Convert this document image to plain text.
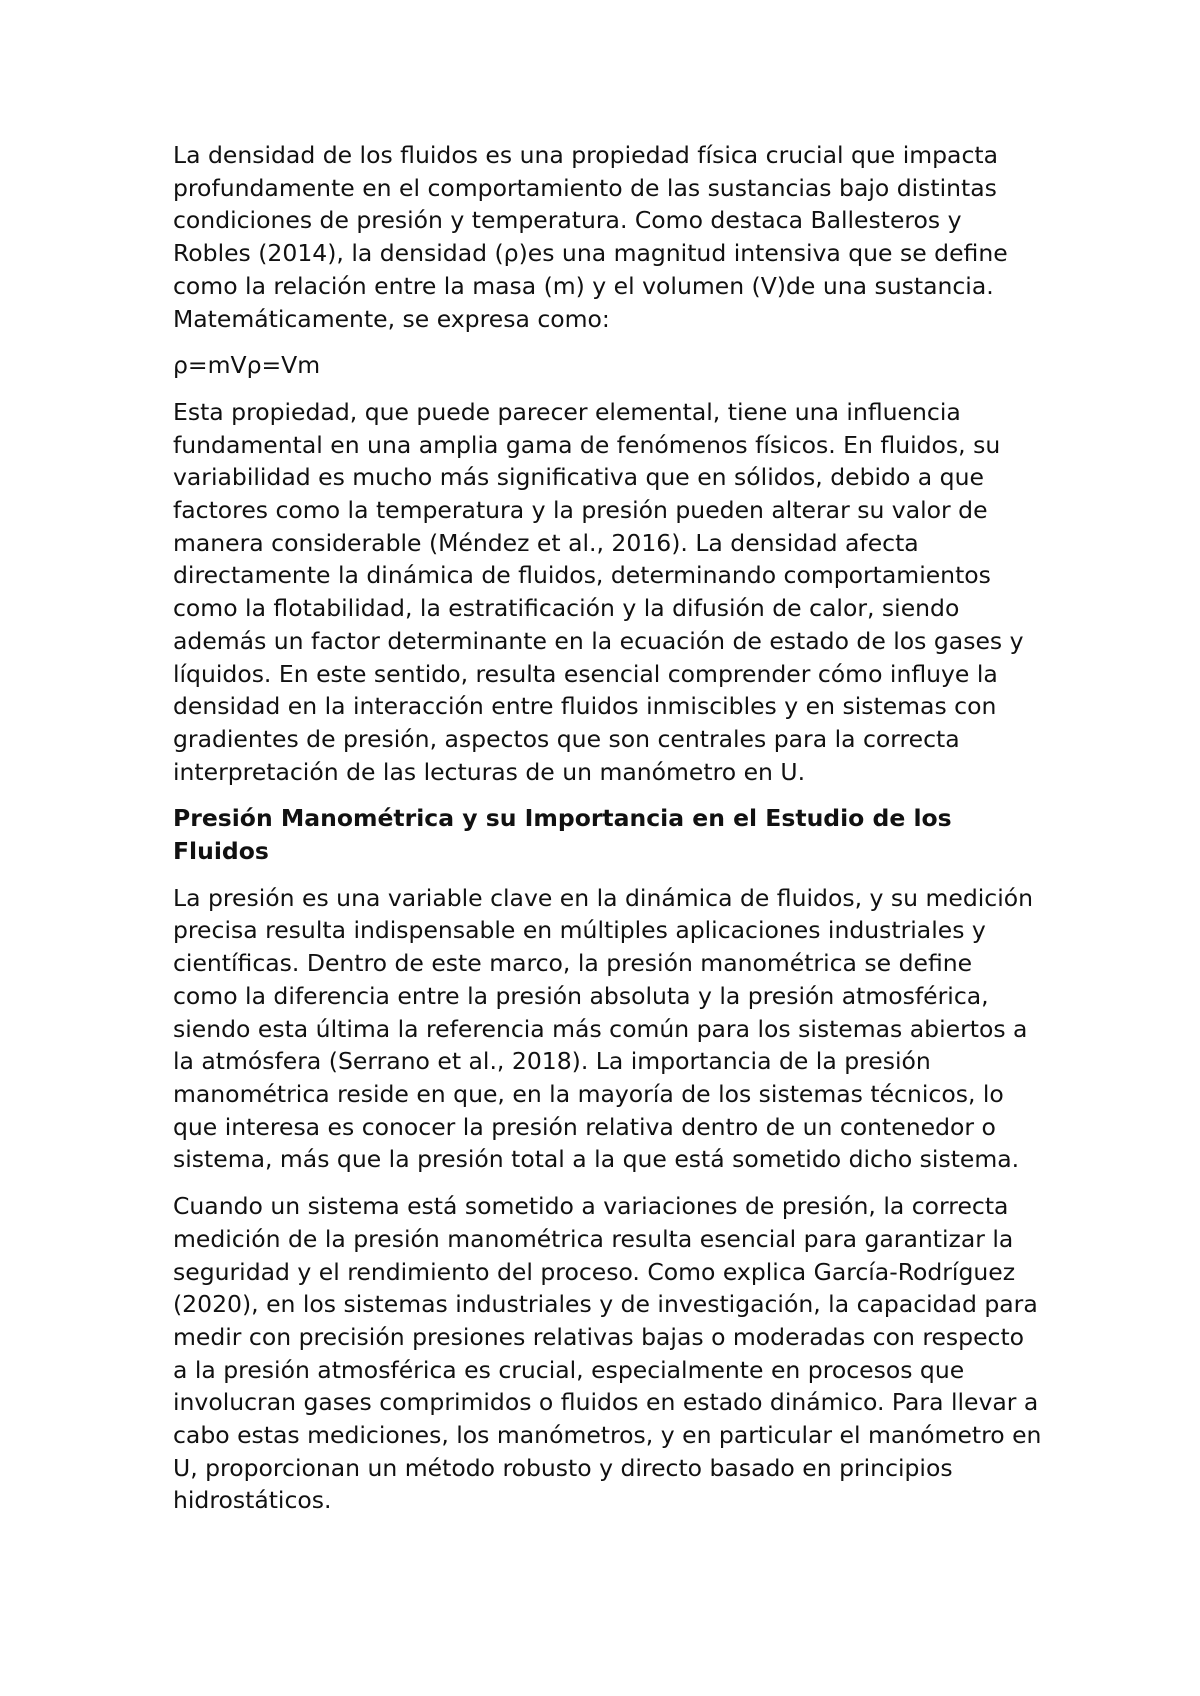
La densidad de los fluidos es una propiedad física crucial que impacta profundamente en el comportamiento de las sustancias bajo distintas condiciones de presión y temperatura. Como destaca Ballesteros y Robles (2014), la densidad (ρ)es una magnitud intensiva que se define como la relación entre la masa (m) y el volumen (V)de una sustancia. Matemáticamente, se expresa como:

ρ=mVρ=Vm

Esta propiedad, que puede parecer elemental, tiene una influencia fundamental en una amplia gama de fenómenos físicos. En fluidos, su variabilidad es mucho más significativa que en sólidos, debido a que factores como la temperatura y la presión pueden alterar su valor de manera considerable (Méndez et al., 2016). La densidad afecta directamente la dinámica de fluidos, determinando comportamientos como la flotabilidad, la estratificación y la difusión de calor, siendo además un factor determinante en la ecuación de estado de los gases y líquidos. En este sentido, resulta esencial comprender cómo influye la densidad en la interacción entre fluidos inmiscibles y en sistemas con gradientes de presión, aspectos que son centrales para la correcta interpretación de las lecturas de un manómetro en U.

Presión Manométrica y su Importancia en el Estudio de los Fluidos

La presión es una variable clave en la dinámica de fluidos, y su medición precisa resulta indispensable en múltiples aplicaciones industriales y científicas. Dentro de este marco, la presión manométrica se define como la diferencia entre la presión absoluta y la presión atmosférica, siendo esta última la referencia más común para los sistemas abiertos a la atmósfera (Serrano et al., 2018). La importancia de la presión manométrica reside en que, en la mayoría de los sistemas técnicos, lo que interesa es conocer la presión relativa dentro de un contenedor o sistema, más que la presión total a la que está sometido dicho sistema.

Cuando un sistema está sometido a variaciones de presión, la correcta medición de la presión manométrica resulta esencial para garantizar la seguridad y el rendimiento del proceso. Como explica García-Rodríguez (2020), en los sistemas industriales y de investigación, la capacidad para medir con precisión presiones relativas bajas o moderadas con respecto a la presión atmosférica es crucial, especialmente en procesos que involucran gases comprimidos o fluidos en estado dinámico. Para llevar a cabo estas mediciones, los manómetros, y en particular el manómetro en U, proporcionan un método robusto y directo basado en principios hidrostáticos.
